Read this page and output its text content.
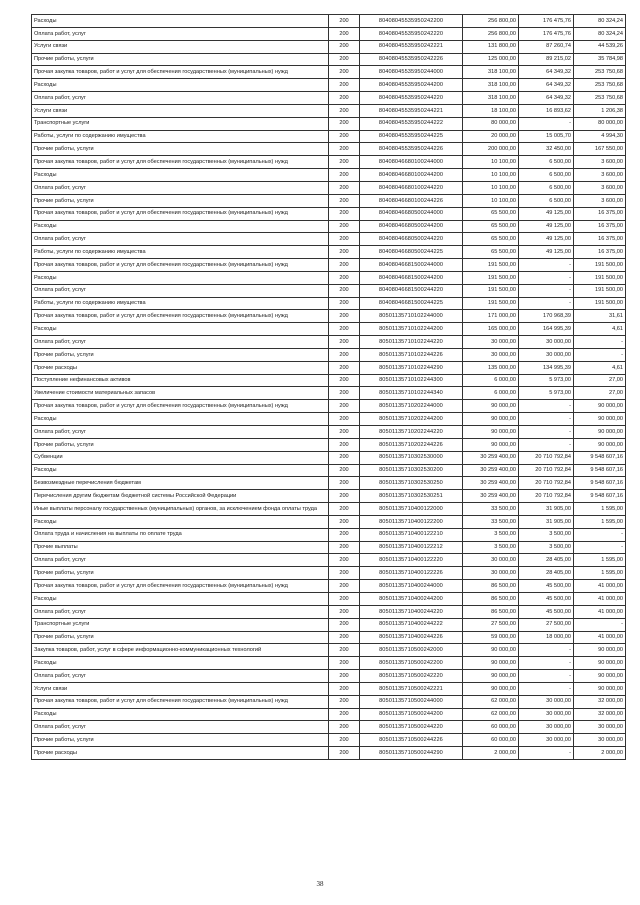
Расходы	200	80408045535950242200	256 800,00	176 475,76	80 324,24
Оплата работ, услуг	200	80408045535950242220	256 800,00	176 475,76	80 324,24
Услуги связи	200	80408045535950242221	131 800,00	87 260,74	44 539,26
Прочие работы, услуги	200	80408045535950242226	125 000,00	89 215,02	35 784,98
Прочая закупка товаров, работ и услуг для обеспечения государственных (муниципальных) нужд	200	80408045535950244000	318 100,00	64 349,32	253 750,68
Расходы	200	80408045535950244200	318 100,00	64 349,32	253 750,68
Оплата работ, услуг	200	80408045535950244220	318 100,00	64 349,32	253 750,68
Услуги связи	200	80408045535950244221	18 100,00	16 893,62	1 206,38
Транспортные услуги	200	80408045535950244222	80 000,00	-	80 000,00
Работы, услуги по содержанию имущества	200	80408045535950244225	20 000,00	15 005,70	4 994,30
Прочие работы, услуги	200	80408045535950244226	200 000,00	32 450,00	167 550,00
Прочая закупка товаров, работ и услуг для обеспечения государственных (муниципальных) нужд	200	80408046680100244000	10 100,00	6 500,00	3 600,00
Расходы	200	80408046680100244200	10 100,00	6 500,00	3 600,00
Оплата работ, услуг	200	80408046680100244220	10 100,00	6 500,00	3 600,00
Прочие работы, услуги	200	80408046680100244226	10 100,00	6 500,00	3 600,00
Прочая закупка товаров, работ и услуг для обеспечения государственных (муниципальных) нужд	200	80408046680500244000	65 500,00	49 125,00	16 375,00
Расходы	200	80408046680500244200	65 500,00	49 125,00	16 375,00
Оплата работ, услуг	200	80408046680500244220	65 500,00	49 125,00	16 375,00
Работы, услуги по содержанию имущества	200	80408046680500244225	65 500,00	49 125,00	16 375,00
Прочая закупка товаров, работ и услуг для обеспечения государственных (муниципальных) нужд	200	80408046681500244000	191 500,00	-	191 500,00
Расходы	200	80408046681500244200	191 500,00	-	191 500,00
Оплата работ, услуг	200	80408046681500244220	191 500,00	-	191 500,00
Работы, услуги по содержанию имущества	200	80408046681500244225	191 500,00	-	191 500,00
Прочая закупка товаров, работ и услуг для обеспечения государственных (муниципальных) нужд	200	80501135710102244000	171 000,00	170 968,39	31,61
Расходы	200	80501135710102244200	165 000,00	164 995,39	4,61
Оплата работ, услуг	200	80501135710102244220	30 000,00	30 000,00	-
Прочие работы, услуги	200	80501135710102244226	30 000,00	30 000,00	-
Прочие расходы	200	80501135710102244290	135 000,00	134 995,39	4,61
Поступление нефинансовых активов	200	80501135710102244300	6 000,00	5 973,00	27,00
Увеличение стоимости материальных запасов	200	80501135710102244340	6 000,00	5 973,00	27,00
Прочая закупка товаров, работ и услуг для обеспечения государственных (муниципальных) нужд	200	80501135710202244000	90 000,00	-	90 000,00
Расходы	200	80501135710202244200	90 000,00	-	90 000,00
Оплата работ, услуг	200	80501135710202244220	90 000,00	-	90 000,00
Прочие работы, услуги	200	80501135710202244226	90 000,00	-	90 000,00
Субвенции	200	80501135710302530000	30 259 400,00	20 710 792,84	9 548 607,16
Расходы	200	80501135710302530200	30 259 400,00	20 710 792,84	9 548 607,16
Безвозмездные перечисления бюджетам	200	80501135710302530250	30 259 400,00	20 710 792,84	9 548 607,16
Перечисления другим бюджетам бюджетной системы Российской Федерации	200	80501135710302530251	30 259 400,00	20 710 792,84	9 548 607,16
Иные выплаты персоналу государственных (муниципальных) органов, за исключением фонда оплаты труда	200	80501135710400122000	33 500,00	31 905,00	1 595,00
Расходы	200	80501135710400122200	33 500,00	31 905,00	1 595,00
Оплата труда и начисления на выплаты по оплате труда	200	80501135710400122210	3 500,00	3 500,00	-
Прочие выплаты	200	80501135710400122212	3 500,00	3 500,00	-
Оплата работ, услуг	200	80501135710400122220	30 000,00	28 405,00	1 595,00
Прочие работы, услуги	200	80501135710400122226	30 000,00	28 405,00	1 595,00
Прочая закупка товаров, работ и услуг для обеспечения государственных (муниципальных) нужд	200	80501135710400244000	86 500,00	45 500,00	41 000,00
Расходы	200	80501135710400244200	86 500,00	45 500,00	41 000,00
Оплата работ, услуг	200	80501135710400244220	86 500,00	45 500,00	41 000,00
Транспортные услуги	200	80501135710400244222	27 500,00	27 500,00	-
Прочие работы, услуги	200	80501135710400244226	59 000,00	18 000,00	41 000,00
Закупка товаров, работ, услуг в сфере информационно-коммуникационных технологий	200	80501135710500242000	90 000,00	-	90 000,00
Расходы	200	80501135710500242200	90 000,00	-	90 000,00
Оплата работ, услуг	200	80501135710500242220	90 000,00	-	90 000,00
Услуги связи	200	80501135710500242221	90 000,00	-	90 000,00
Прочая закупка товаров, работ и услуг для обеспечения государственных (муниципальных) нужд	200	80501135710500244000	62 000,00	30 000,00	32 000,00
Расходы	200	80501135710500244200	62 000,00	30 000,00	32 000,00
Оплата работ, услуг	200	80501135710500244220	60 000,00	30 000,00	30 000,00
Прочие работы, услуги	200	80501135710500244226	60 000,00	30 000,00	30 000,00
Прочие расходы	200	80501135710500244290	2 000,00	-	2 000,00
38
